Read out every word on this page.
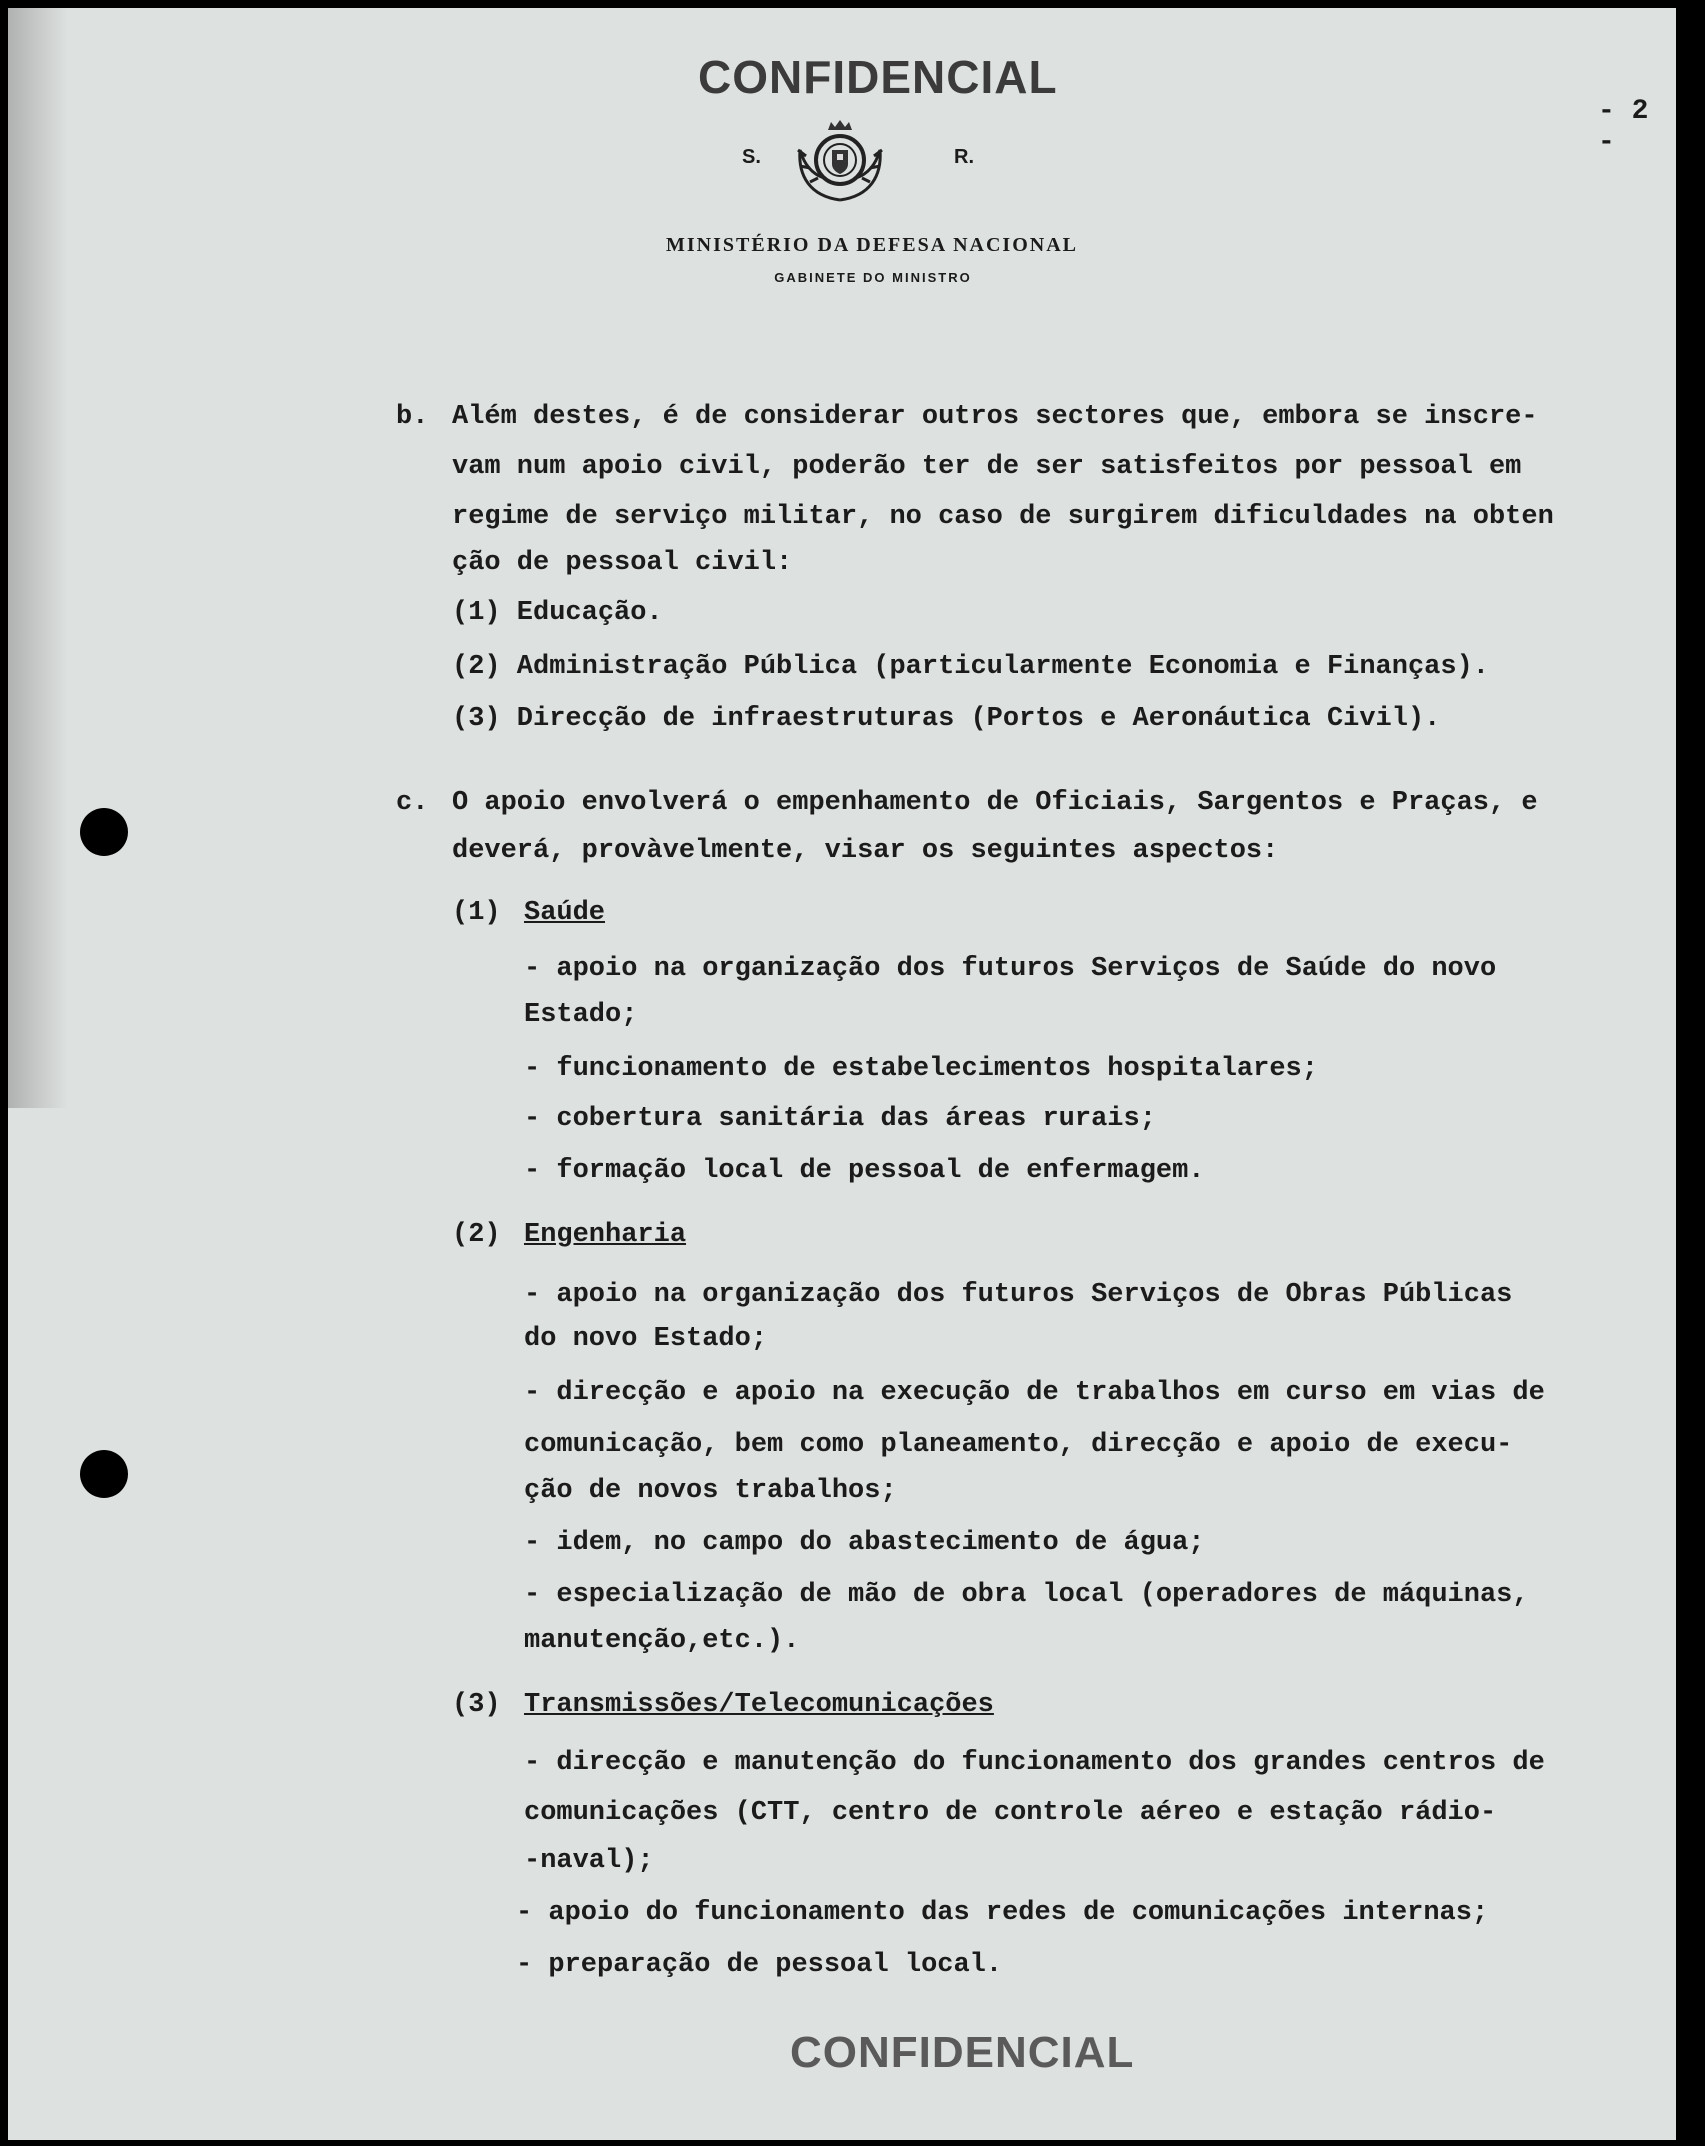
CONFIDENCIAL
- 2 -
S.	R.
MINISTÉRIO DA DEFESA NACIONAL
GABINETE DO MINISTRO
b. Além destes, é de considerar outros sectores que, embora se inscre-
vam num apoio civil, poderão ter de ser satisfeitos por pessoal em
regime de serviço militar, no caso de surgirem dificuldades na obten
ção de pessoal civil:
(1) Educação.
(2) Administração Pública (particularmente Economia e Finanças).
(3) Direcção de infraestruturas (Portos e Aeronáutica Civil).
c. O apoio envolverá o empenhamento de Oficiais, Sargentos e Praças, e
deverá, provàvelmente, visar os seguintes aspectos:
(1) Saúde
- apoio na organização dos futuros Serviços de Saúde do novo
Estado;
- funcionamento de estabelecimentos hospitalares;
- cobertura sanitária das áreas rurais;
- formação local de pessoal de enfermagem.
(2) Engenharia
- apoio na organização dos futuros Serviços de Obras Públicas
do novo Estado;
- direcção e apoio na execução de trabalhos em curso em vias de
comunicação, bem como planeamento, direcção e apoio de execu-
ção de novos trabalhos;
- idem, no campo do abastecimento de água;
- especialização de mão de obra local (operadores de máquinas,
manutenção,etc.).
(3) Transmissões/Telecomunicações
- direcção e manutenção do funcionamento dos grandes centros de
comunicações (CTT, centro de controle aéreo e estação rádio-
-naval);
- apoio do funcionamento das redes de comunicações internas;
- preparação de pessoal local.
CONFIDENCIAL
